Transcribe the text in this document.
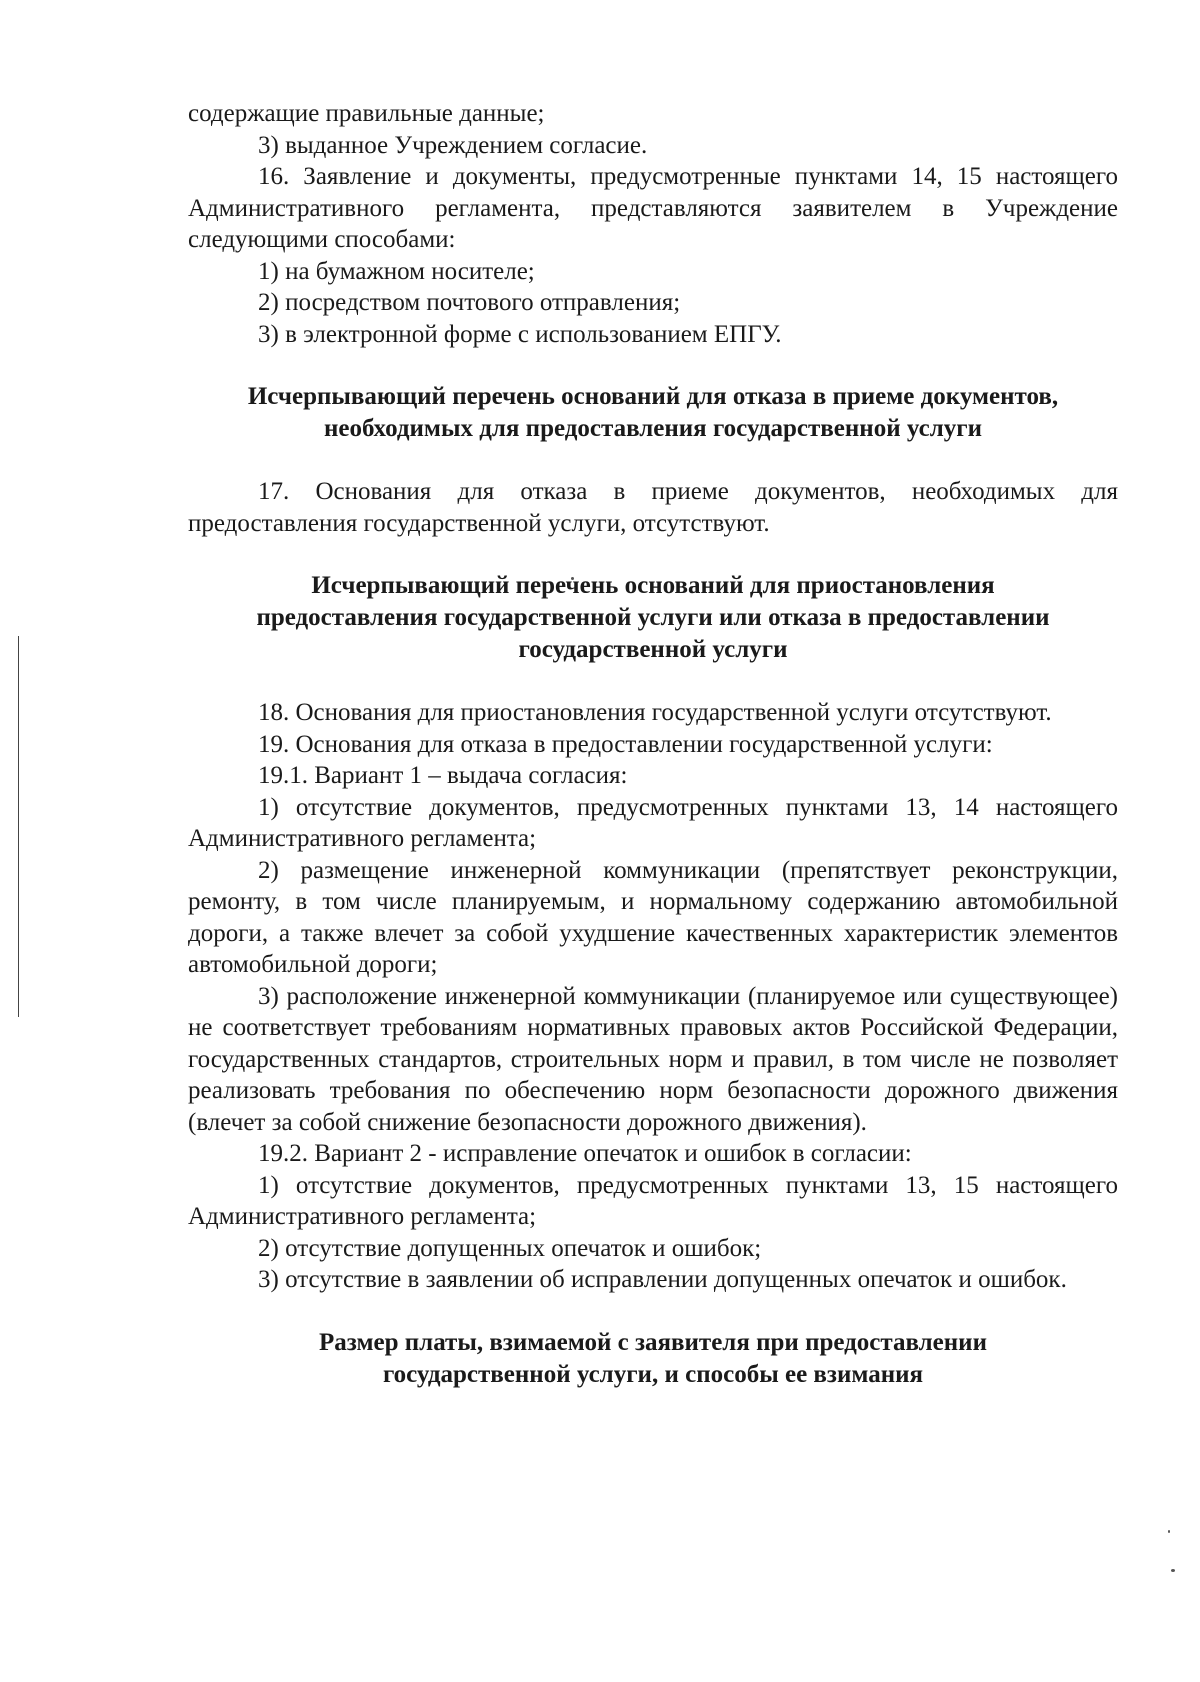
содержащие правильные данные;

3) выданное Учреждением согласие.

16. Заявление и документы, предусмотренные пунктами 14, 15 настоящего Административного регламента, представляются заявителем в Учреждение следующими способами:

1) на бумажном носителе;

2) посредством почтового отправления;

3) в электронной форме с использованием ЕПГУ.

Исчерпывающий перечень оснований для отказа в приеме документов, необходимых для предоставления государственной услуги

17. Основания для отказа в приеме документов, необходимых для предоставления государственной услуги, отсутствуют.

Исчерпывающий перечень оснований для приостановления предоставления государственной услуги или отказа в предоставлении государственной услуги

18. Основания для приостановления государственной услуги отсутствуют.

19. Основания для отказа в предоставлении государственной услуги:

19.1. Вариант 1 – выдача согласия:

1) отсутствие документов, предусмотренных пунктами 13, 14 настоящего Административного регламента;

2) размещение инженерной коммуникации (препятствует реконструкции, ремонту, в том числе планируемым, и нормальному содержанию автомобильной дороги, а также влечет за собой ухудшение качественных характеристик элементов автомобильной дороги;

3) расположение инженерной коммуникации (планируемое или существующее) не соответствует требованиям нормативных правовых актов Российской Федерации, государственных стандартов, строительных норм и правил, в том числе не позволяет реализовать требования по обеспечению норм безопасности дорожного движения (влечет за собой снижение безопасности дорожного движения).

19.2. Вариант 2 - исправление опечаток и ошибок в согласии:

1) отсутствие документов, предусмотренных пунктами 13, 15 настоящего Административного регламента;

2) отсутствие допущенных опечаток и ошибок;

3) отсутствие в заявлении об исправлении допущенных опечаток и ошибок.

Размер платы, взимаемой с заявителя при предоставлении государственной услуги, и способы ее взимания
